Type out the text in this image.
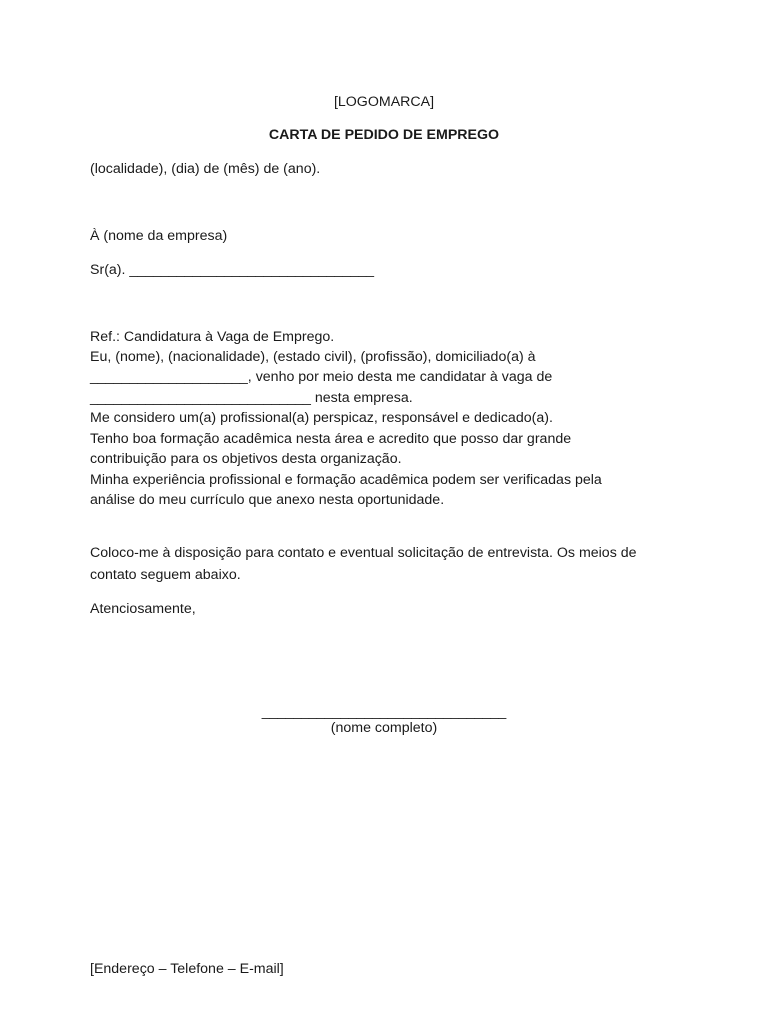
[LOGOMARCA]
CARTA DE PEDIDO DE EMPREGO
(localidade), (dia) de (mês) de (ano).
À (nome da empresa)
Sr(a). _______________________________
Ref.: Candidatura à Vaga de Emprego.
Eu, (nome), (nacionalidade), (estado civil), (profissão), domiciliado(a) à
____________________, venho por meio desta me candidatar à vaga de
____________________________ nesta empresa.
Me considero um(a) profissional(a) perspicaz, responsável e dedicado(a).
Tenho boa formação acadêmica nesta área e acredito que posso dar grande
contribuição para os objetivos desta organização.
Minha experiência profissional e formação acadêmica podem ser verificadas pela
análise do meu currículo que anexo nesta oportunidade.
Coloco-me à disposição para contato e eventual solicitação de entrevista. Os meios de
contato seguem abaixo.
Atenciosamente,
_______________________________
(nome completo)
[Endereço – Telefone – E-mail]
